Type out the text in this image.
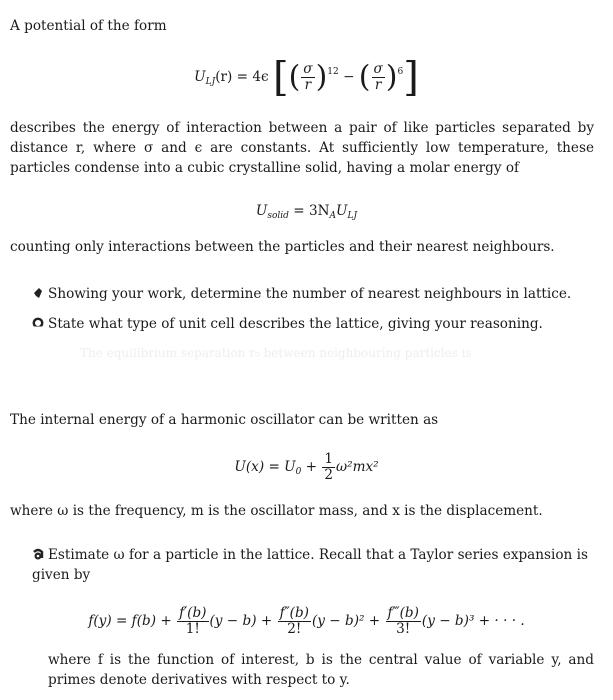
A potential of the form
$U_{LJ}(r) = 4\epsilon$ [( $\frac{\sigma}{r} )^{12}$ − ( $\frac{\sigma}{r} )^6$]
describes the energy of interaction between a pair of like particles separated by distance r, where σ and ϵ are constants. At sufficiently low temperature, these particles condense into a cubic crystalline solid, having a molar energy of
$U_{solid} = 3N_AU_{LJ}$
counting only interactions between the particles and their nearest neighbours.
Showing your work, determine the number of nearest neighbours in lattice.
State what type of unit cell describes the lattice, giving your reasoning.
The equilibrium separation r₀ between neighbouring particles is
The internal energy of a harmonic oscillator can be written as
$U(x) = U_0 + \frac{1}{2} \omega^2mx^2$
where ω is the frequency, m is the oscillator mass, and x is the displacement.
Estimate ω for a particle in the lattice. Recall that a Taylor series expansion is given by
$f(y) = f(b) + \frac{f'(b)}{1!} (y - b) + \frac{f''(b)}{2!} (y - b)^2 + \frac{f‴(b)}{3!} (y - b)^3$ + · · · .
where f is the function of interest, b is the central value of variable y, and primes denote derivatives with respect to y.
